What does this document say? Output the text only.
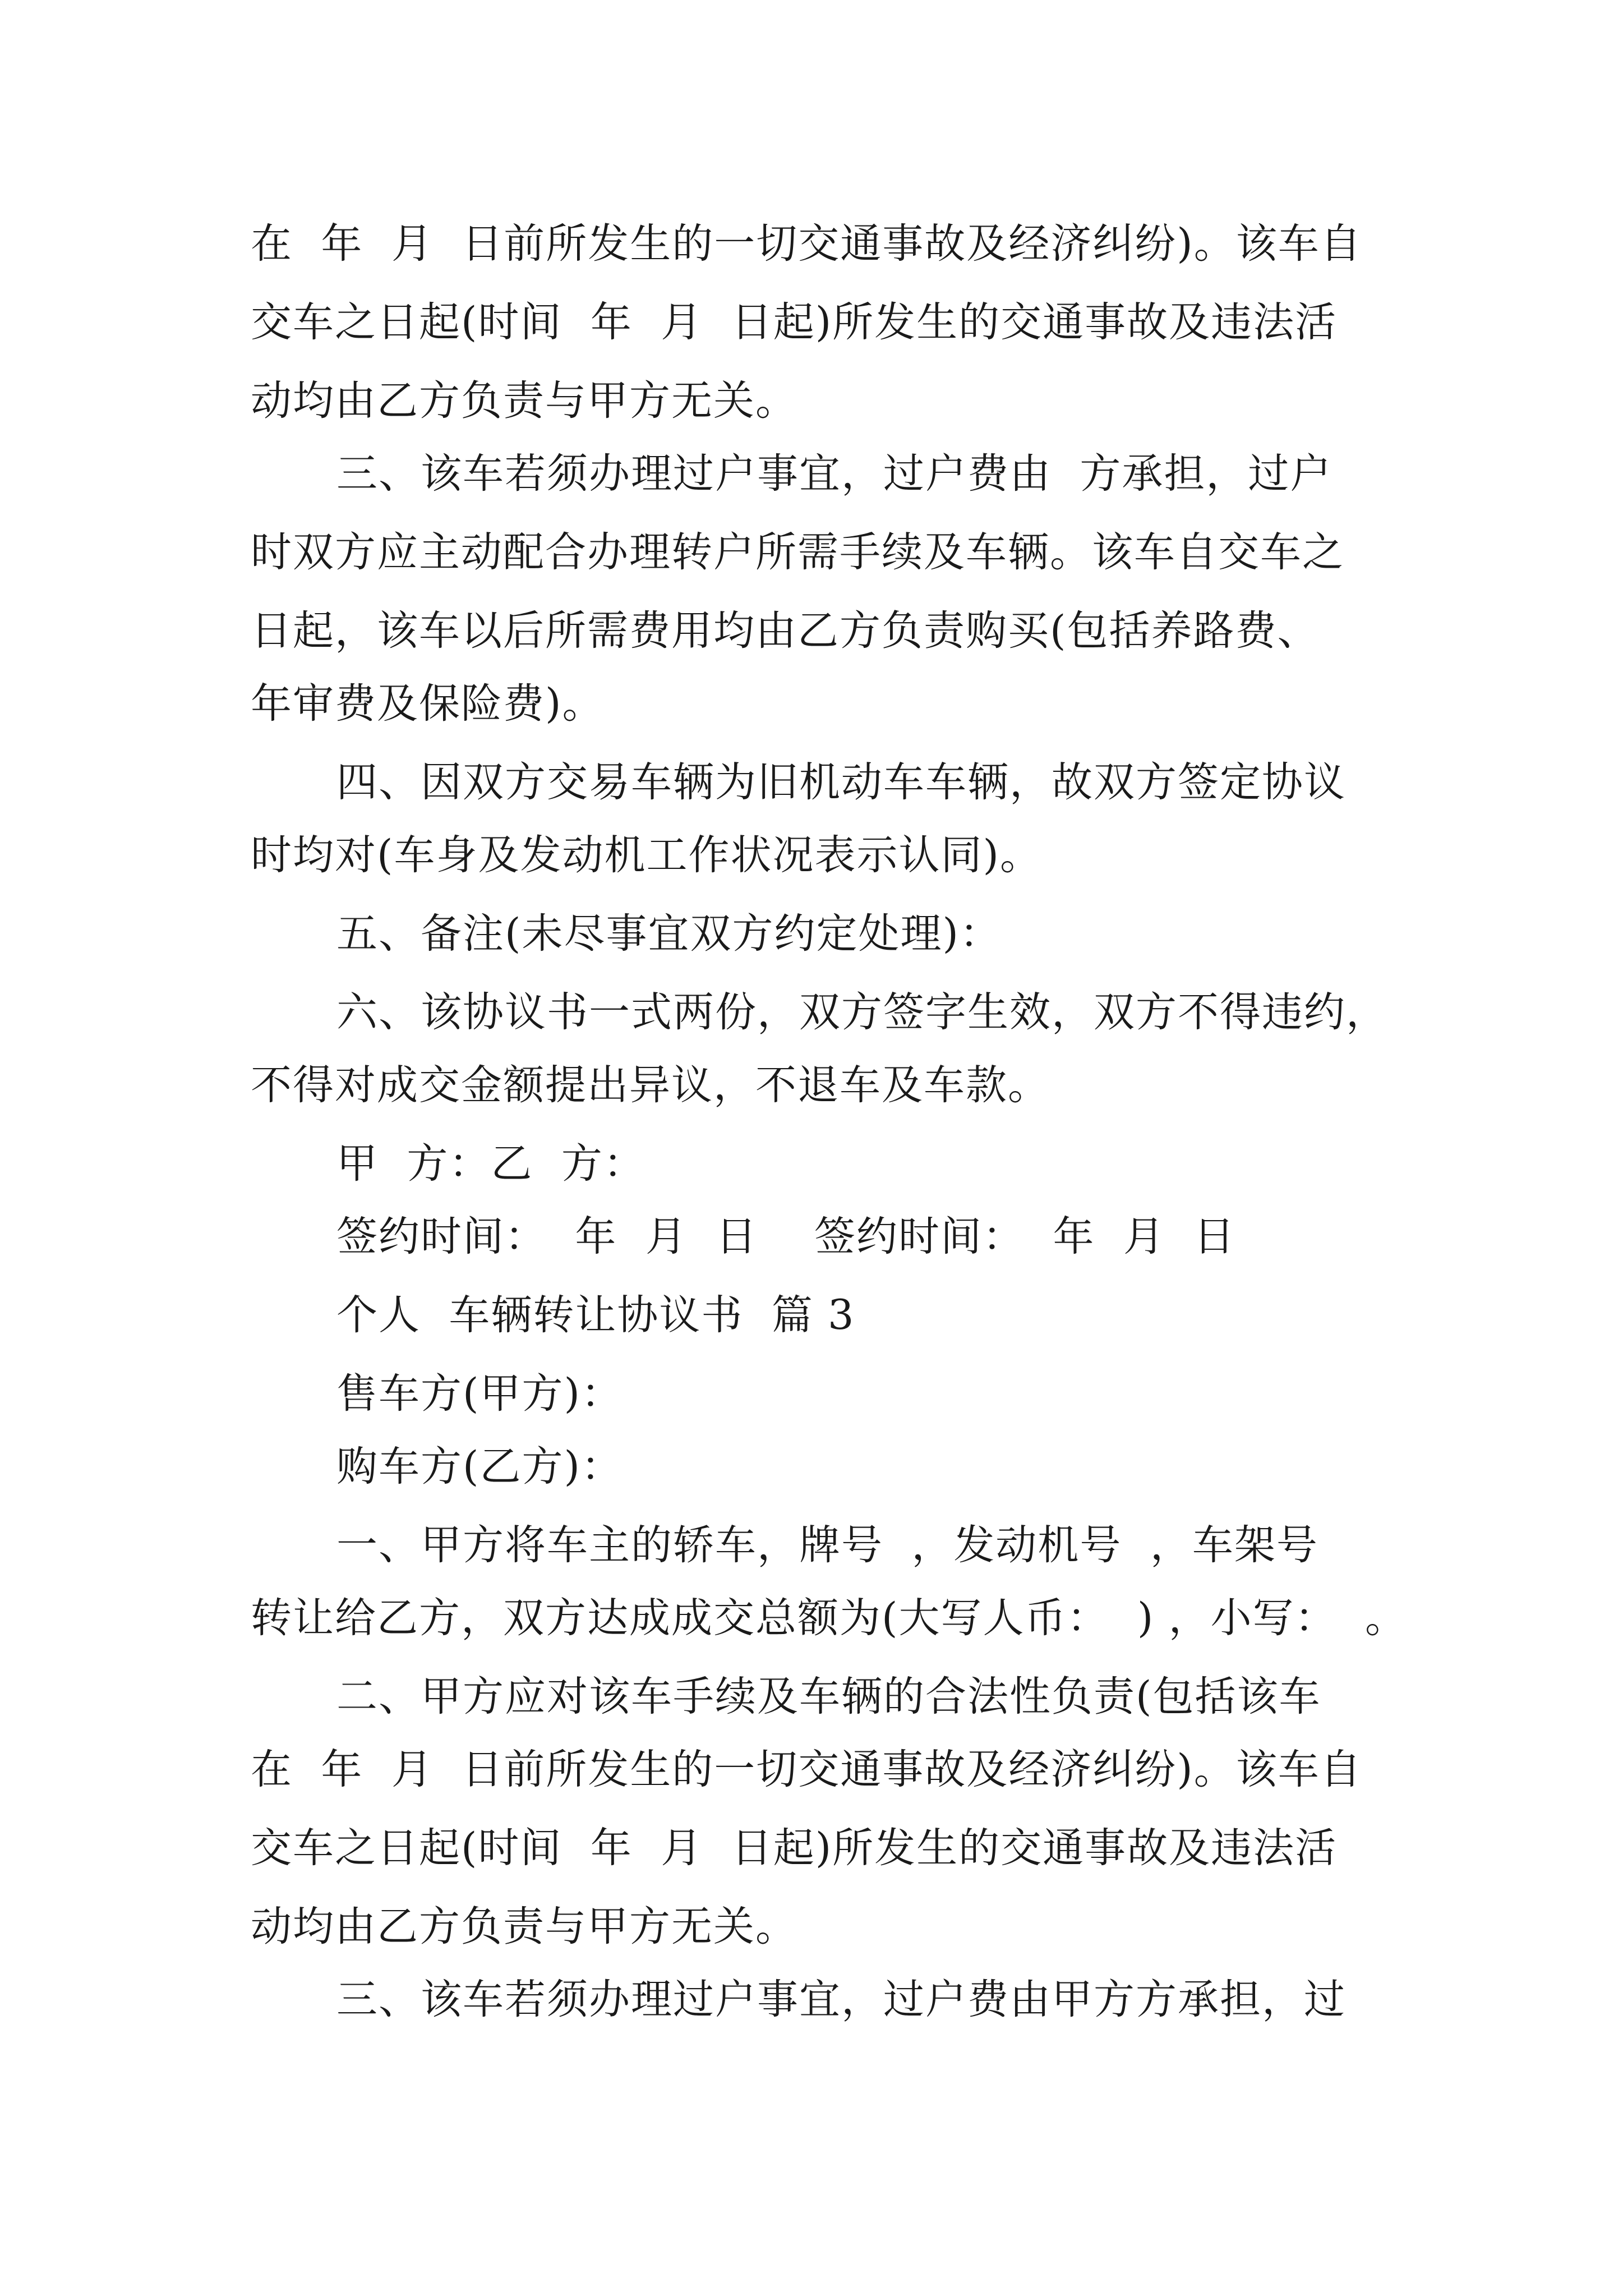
在  年  月  日前所发生的一切交通事故及经济纠纷)。该车自
交车之日起(时间  年  月  日起)所发生的交通事故及违法活
动均由乙方负责与甲方无关。
三、该车若须办理过户事宜，过户费由  方承担，过户
时双方应主动配合办理转户所需手续及车辆。该车自交车之
日起，该车以后所需费用均由乙方负责购买(包括养路费、
年审费及保险费)。
四、因双方交易车辆为旧机动车车辆，故双方签定协议
时均对(车身及发动机工作状况表示认同)。
五、备注(未尽事宜双方约定处理)：
六、该协议书一式两份，双方签字生效，双方不得违约，
不得对成交金额提出异议，不退车及车款。
甲  方：乙  方：
签约时间：  年  月  日    签约时间：  年  月  日
个人  车辆转让协议书  篇 3
售车方(甲方)：
购车方(乙方)：
一、甲方将车主的轿车，牌号  ，发动机号  ，车架号
转让给乙方，双方达成成交总额为(大写人币：  ) ，小写：  。
二、甲方应对该车手续及车辆的合法性负责(包括该车
在  年  月  日前所发生的一切交通事故及经济纠纷)。该车自
交车之日起(时间  年  月  日起)所发生的交通事故及违法活
动均由乙方负责与甲方无关。
三、该车若须办理过户事宜，过户费由甲方方承担，过
